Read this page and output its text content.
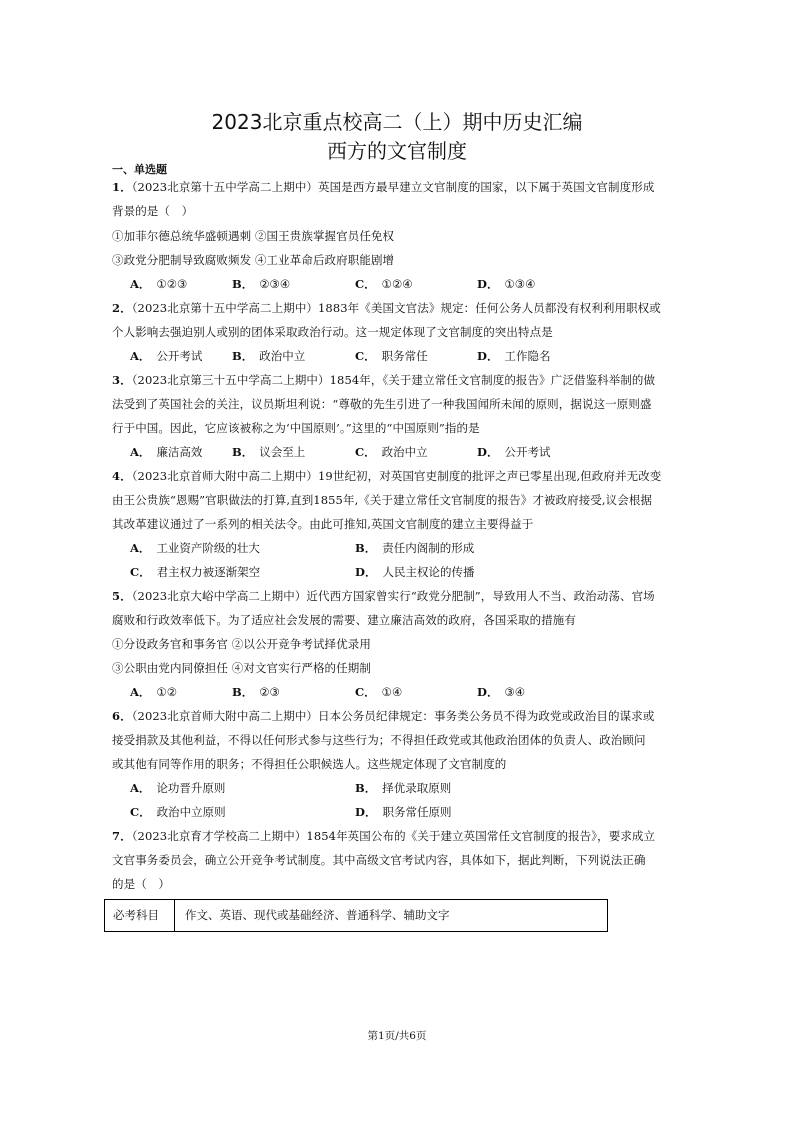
2023北京重点校高二（上）期中历史汇编
西方的文官制度
一、单选题
1．（2023北京第十五中学高二上期中）英国是西方最早建立文官制度的国家，以下属于英国文官制度形成
背景的是（　）
①加菲尔德总统华盛顿遇刺 ②国王贵族掌握官员任免权
③政党分肥制导致腐败频发 ④工业革命后政府职能剧增
A． ①②③	B． ②③④	C． ①②④	D． ①③④
2．（2023北京第十五中学高二上期中）1883年《美国文官法》规定：任何公务人员都没有权利利用职权或
个人影响去强迫别人或别的团体采取政治行动。这一规定体现了文官制度的突出特点是
A． 公开考试	B． 政治中立	C． 职务常任	D． 工作隐名
3．（2023北京第三十五中学高二上期中）1854年，《关于建立常任文官制度的报告》广泛借鉴科举制的做
法受到了英国社会的关注，议员斯坦利说：“尊敬的先生引进了一种我国闻所未闻的原则，据说这一原则盛
行于中国。因此，它应该被称之为‘中国原则’。”这里的“中国原则”指的是
A． 廉洁高效	B． 议会至上	C． 政治中立	D． 公开考试
4．（2023北京首师大附中高二上期中）19世纪初，对英国官吏制度的批评之声已零星出现,但政府并无改变
由王公贵族“恩赐”官职做法的打算,直到1855年,《关于建立常任文官制度的报告》才被政府接受,议会根据
其改革建议通过了一系列的相关法令。由此可推知,英国文官制度的建立主要得益于
A． 工业资产阶级的壮大	B． 责任内阁制的形成
C． 君主权力被逐渐架空	D． 人民主权论的传播
5．（2023北京大峪中学高二上期中）近代西方国家曾实行“政党分肥制”，导致用人不当、政治动荡、官场
腐败和行政效率低下。为了适应社会发展的需要、建立廉洁高效的政府，各国采取的措施有
①分设政务官和事务官 ②以公开竞争考试择优录用
③公职由党内同僚担任 ④对文官实行严格的任期制
A． ①②	B． ②③	C． ①④	D． ③④
6．（2023北京首师大附中高二上期中）日本公务员纪律规定：事务类公务员不得为政党或政治目的谋求或
接受捐款及其他利益，不得以任何形式参与这些行为；不得担任政党或其他政治团体的负责人、政治顾问
或其他有同等作用的职务；不得担任公职候选人。这些规定体现了文官制度的
A． 论功晋升原则	B． 择优录取原则
C． 政治中立原则	D． 职务常任原则
7．（2023北京育才学校高二上期中）1854年英国公布的《关于建立英国常任文官制度的报告》，要求成立
文官事务委员会，确立公开竞争考试制度。其中高级文官考试内容，具体如下，据此判断，下列说法正确
的是（　）
必考科目	作文、英语、现代或基础经济、普通科学、辅助文字
第1页/共6页
